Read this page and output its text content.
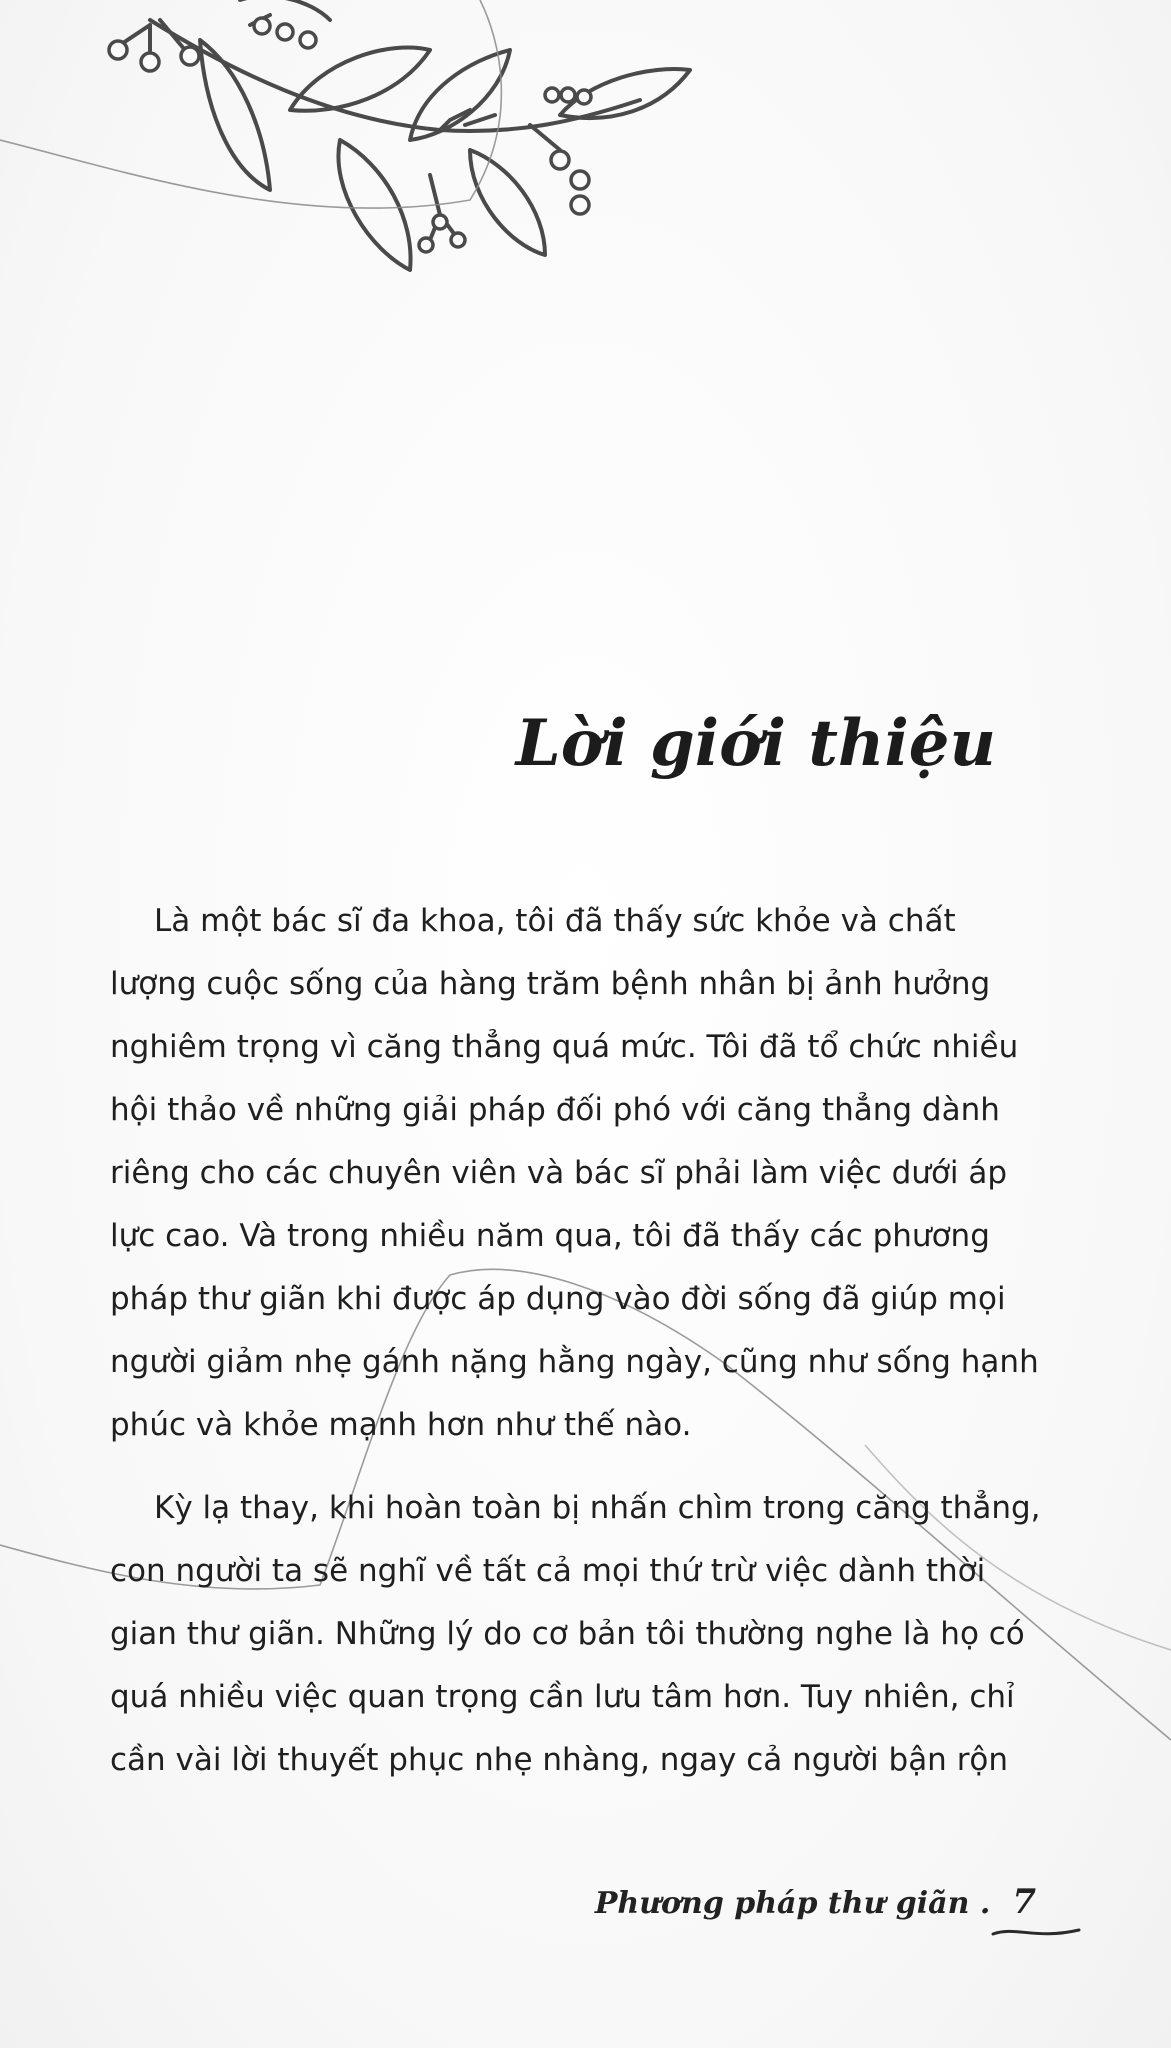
Lời giới thiệu

Là một bác sĩ đa khoa, tôi đã thấy sức khỏe và chất
lượng cuộc sống của hàng trăm bệnh nhân bị ảnh hưởng
nghiêm trọng vì căng thẳng quá mức. Tôi đã tổ chức nhiều
hội thảo về những giải pháp đối phó với căng thẳng dành
riêng cho các chuyên viên và bác sĩ phải làm việc dưới áp
lực cao. Và trong nhiều năm qua, tôi đã thấy các phương
pháp thư giãn khi được áp dụng vào đời sống đã giúp mọi
người giảm nhẹ gánh nặng hằng ngày, cũng như sống hạnh
phúc và khỏe mạnh hơn như thế nào.

Kỳ lạ thay, khi hoàn toàn bị nhấn chìm trong căng thẳng,
con người ta sẽ nghĩ về tất cả mọi thứ trừ việc dành thời
gian thư giãn. Những lý do cơ bản tôi thường nghe là họ có
quá nhiều việc quan trọng cần lưu tâm hơn. Tuy nhiên, chỉ
cần vài lời thuyết phục nhẹ nhàng, ngay cả người bận rộn

Phương pháp thư giãn . 7
